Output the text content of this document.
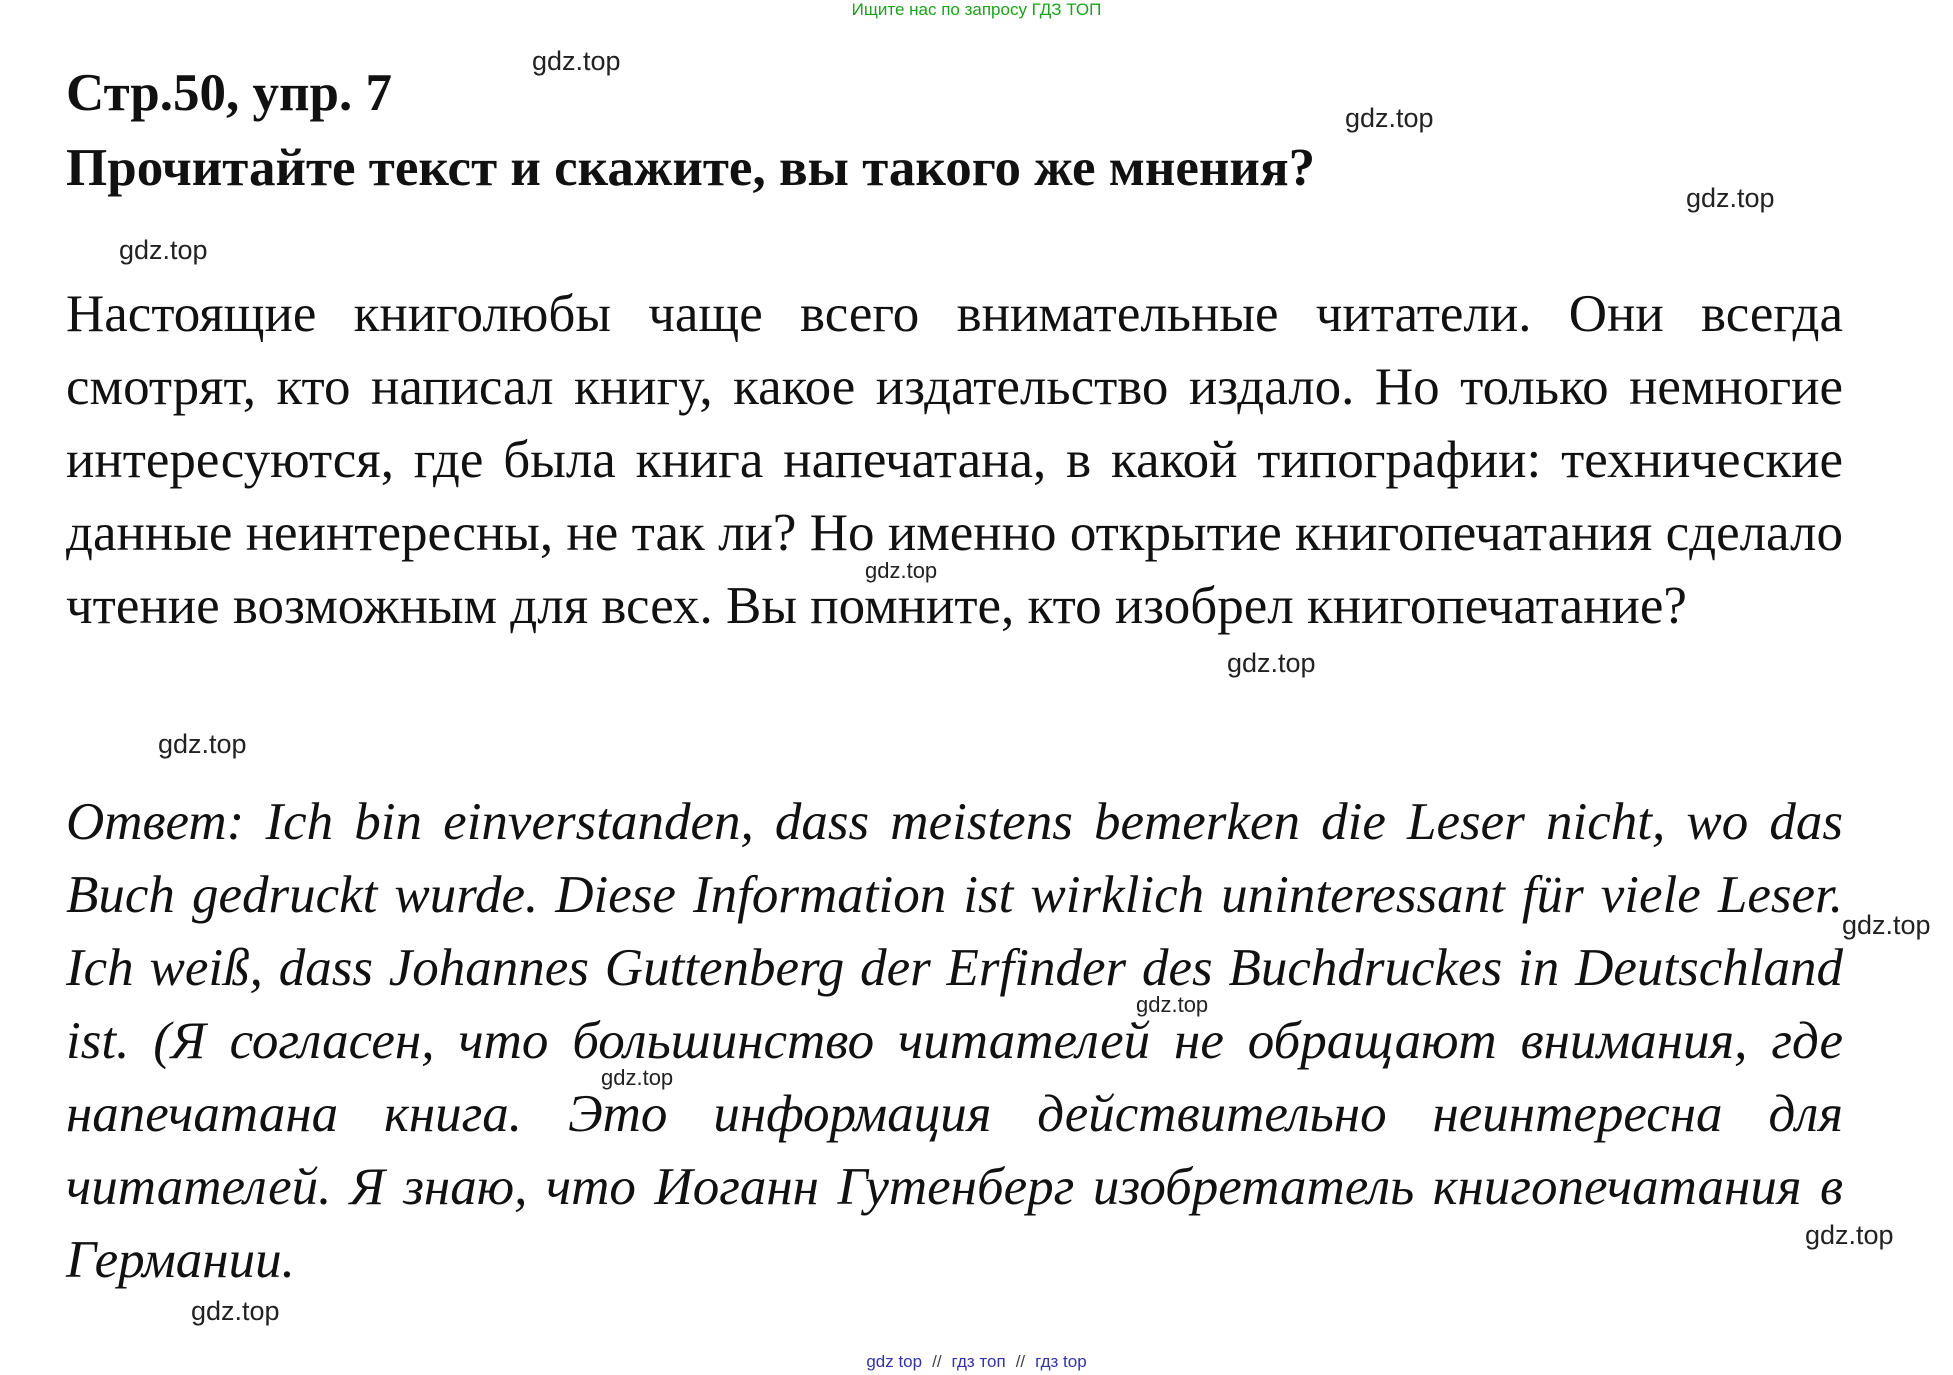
Ищите нас по запросу ГДЗ ТОП
Стр.50, упр. 7
Прочитайте текст и скажите, вы такого же мнения?

Настоящие книголюбы чаще всего внимательные читатели. Они всегда смотрят, кто написал книгу, какое издательство издало. Но только немногие интересуются, где была книга напечатана, в какой типографии: технические данные неинтересны, не так ли? Но именно открытие книгопечатания сделало чтение возможным для всех. Вы помните, кто изобрел книгопечатание?

Ответ: Ich bin einverstanden, dass meistens bemerken die Leser nicht, wo das Buch gedruckt wurde. Diese Information ist wirklich uninteressant für viele Leser. Ich weiß, dass Johannes Guttenberg der Erfinder des Buchdruckes in Deutschland ist. (Я согласен, что большинство читателей не обращают внимания, где напечатана книга. Это информация действительно неинтересна для читателей. Я знаю, что Иоганн Гутенберг изобретатель книгопечатания в Германии.

gdz.top
gdz.top
gdz.top
gdz.top
gdz.top
gdz.top
gdz.top
gdz.top
gdz.top
gdz.top
gdz.top
gdz.top
gdz top // гдз топ // гдз top
